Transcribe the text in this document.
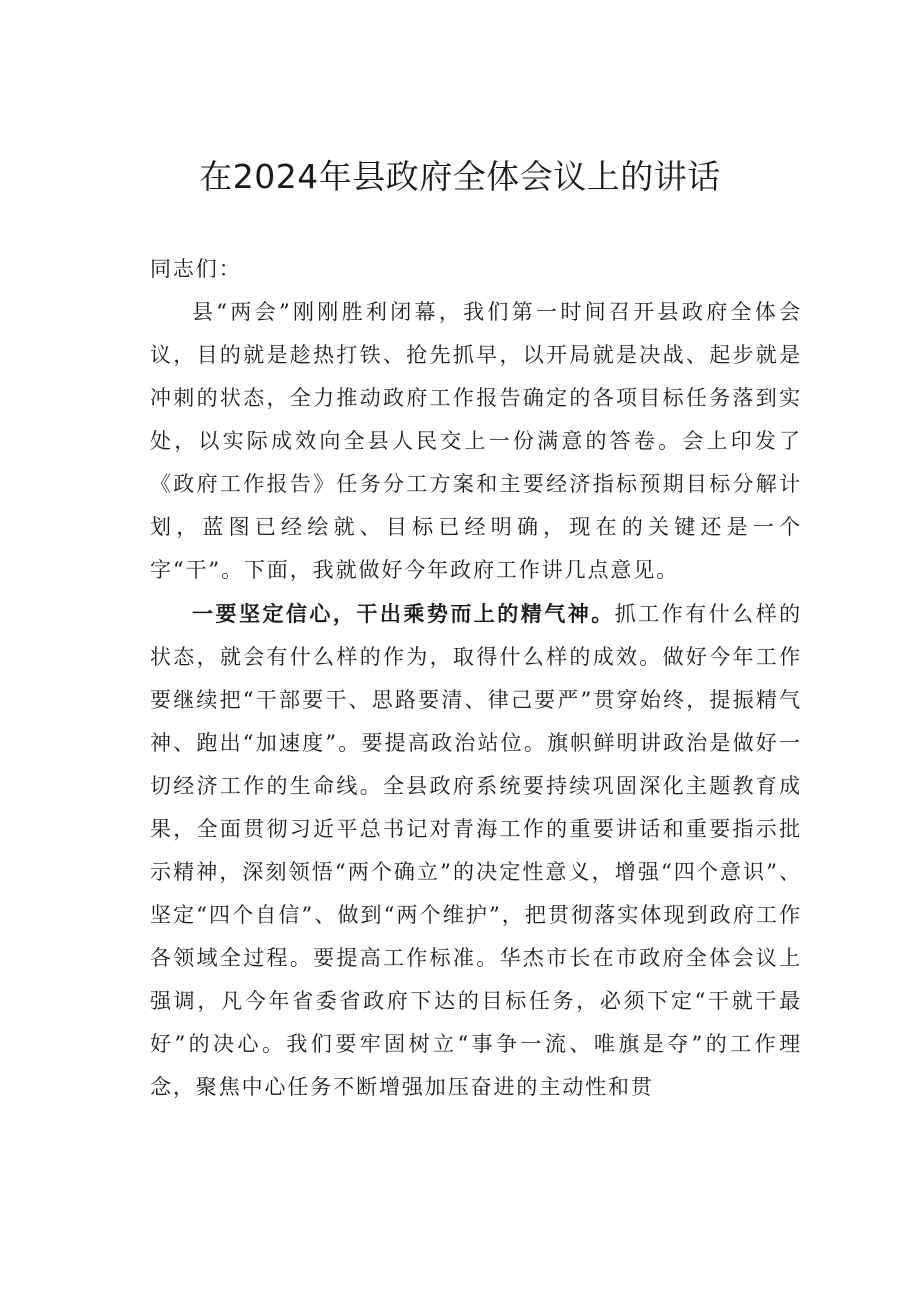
在2024年县政府全体会议上的讲话

同志们：

县“两会”刚刚胜利闭幕，我们第一时间召开县政府全体会议，目的就是趁热打铁、抢先抓早，以开局就是决战、起步就是冲刺的状态，全力推动政府工作报告确定的各项目标任务落到实处，以实际成效向全县人民交上一份满意的答卷。会上印发了《政府工作报告》任务分工方案和主要经济指标预期目标分解计划，蓝图已经绘就、目标已经明确，现在的关键还是一个字“干”。下面，我就做好今年政府工作讲几点意见。

一要坚定信心，干出乘势而上的精气神。抓工作有什么样的状态，就会有什么样的作为，取得什么样的成效。做好今年工作要继续把“干部要干、思路要清、律己要严”贯穿始终，提振精气神、跑出“加速度”。要提高政治站位。旗帜鲜明讲政治是做好一切经济工作的生命线。全县政府系统要持续巩固深化主题教育成果，全面贯彻习近平总书记对青海工作的重要讲话和重要指示批示精神，深刻领悟“两个确立”的决定性意义，增强“四个意识”、坚定“四个自信”、做到“两个维护”，把贯彻落实体现到政府工作各领域全过程。要提高工作标准。华杰市长在市政府全体会议上强调，凡今年省委省政府下达的目标任务，必须下定“干就干最好”的决心。我们要牢固树立“事争一流、唯旗是夺”的工作理念，聚焦中心任务不断增强加压奋进的主动性和贯
